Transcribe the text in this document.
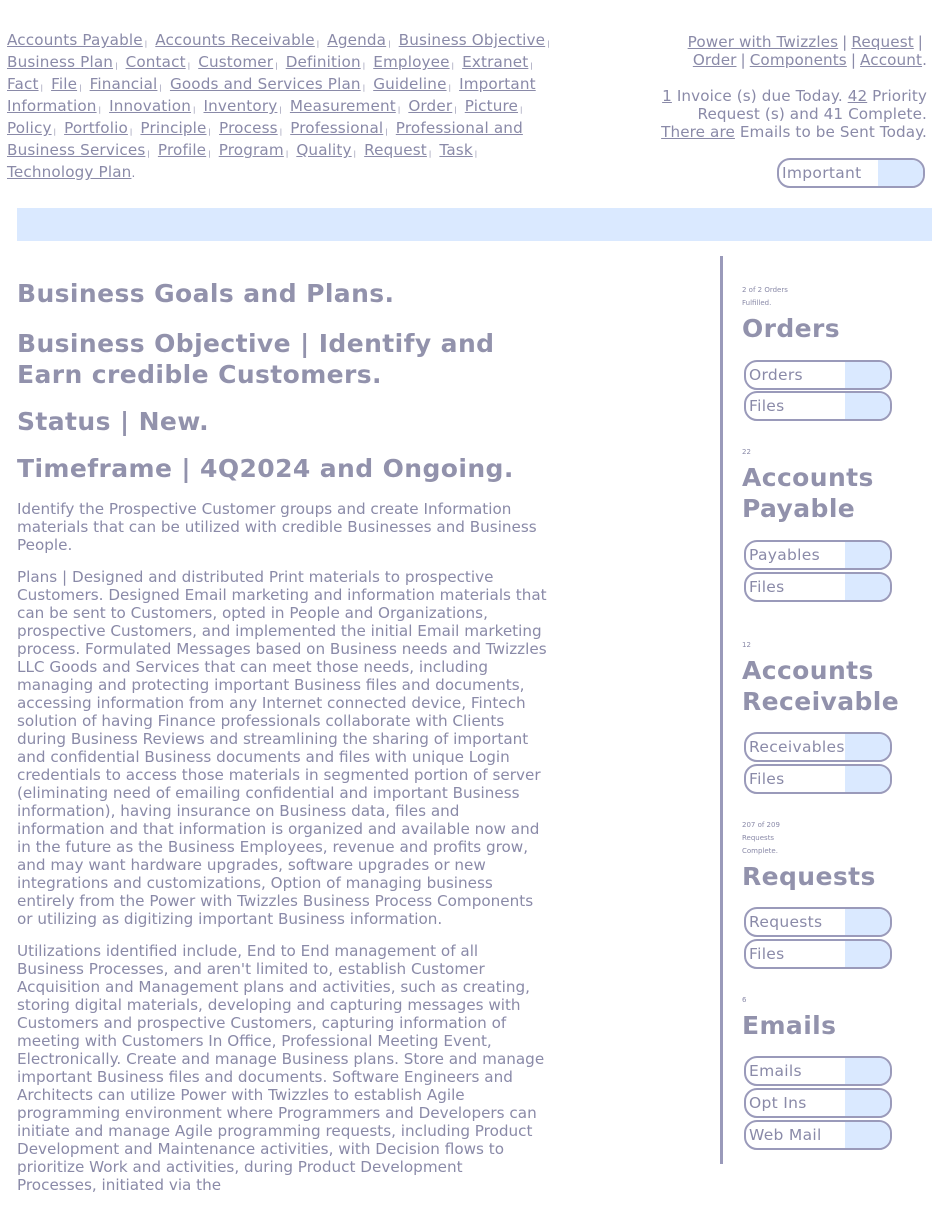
Accounts Payable | Accounts Receivable | Agenda | Business Objective | Business Plan | Contact | Customer | Definition | Employee | Extranet | Fact | File | Financial | Goods and Services Plan | Guideline | Important Information | Innovation | Inventory | Measurement | Order | Picture | Policy | Portfolio | Principle | Process | Professional | Professional and Business Services | Profile | Program | Quality | Request | Task | Technology Plan.
Power with Twizzles | Request |
Order | Components | Account.
1 Invoice (s) due Today. 42 Priority Request (s) and 41 Complete.
There are Emails to be Sent Today.
Important
Business Goals and Plans.
Business Objective | Identify and Earn credible Customers.
Status | New.
Timeframe | 4Q2024 and Ongoing.

Identify the Prospective Customer groups and create Information materials that can be utilized with credible Businesses and Business People.

Plans | Designed and distributed Print materials to prospective Customers. Designed Email marketing and information materials that can be sent to Customers, opted in People and Organizations, prospective Customers, and implemented the initial Email marketing process. Formulated Messages based on Business needs and Twizzles LLC Goods and Services that can meet those needs, including managing and protecting important Business files and documents, accessing information from any Internet connected device, Fintech solution of having Finance professionals collaborate with Clients during Business Reviews and streamlining the sharing of important and confidential Business documents and files with unique Login credentials to access those materials in segmented portion of server (eliminating need of emailing confidential and important Business information), having insurance on Business data, files and information and that information is organized and available now and in the future as the Business Employees, revenue and profits grow, and may want hardware upgrades, software upgrades or new integrations and customizations, Option of managing business entirely from the Power with Twizzles Business Process Components or utilizing as digitizing important Business information.

Utilizations identified include, End to End management of all Business Processes, and aren't limited to, establish Customer Acquisition and Management plans and activities, such as creating, storing digital materials, developing and capturing messages with Customers and prospective Customers, capturing information of meeting with Customers In Office, Professional Meeting Event, Electronically. Create and manage Business plans. Store and manage important Business files and documents. Software Engineers and Architects can utilize Power with Twizzles to establish Agile programming environment where Programmers and Developers can initiate and manage Agile programming requests, including Product Development and Maintenance activities, with Decision flows to prioritize Work and activities, during Product Development Processes, initiated via the

2 of 2 Orders
Fulfilled.
Orders
Orders
Files
22
Accounts Payable
Payables
Files
12
Accounts Receivable
Receivables
Files
207 of 209
Requests
Complete.
Requests
Requests
Files
6
Emails
Emails
Opt Ins
Web Mail
